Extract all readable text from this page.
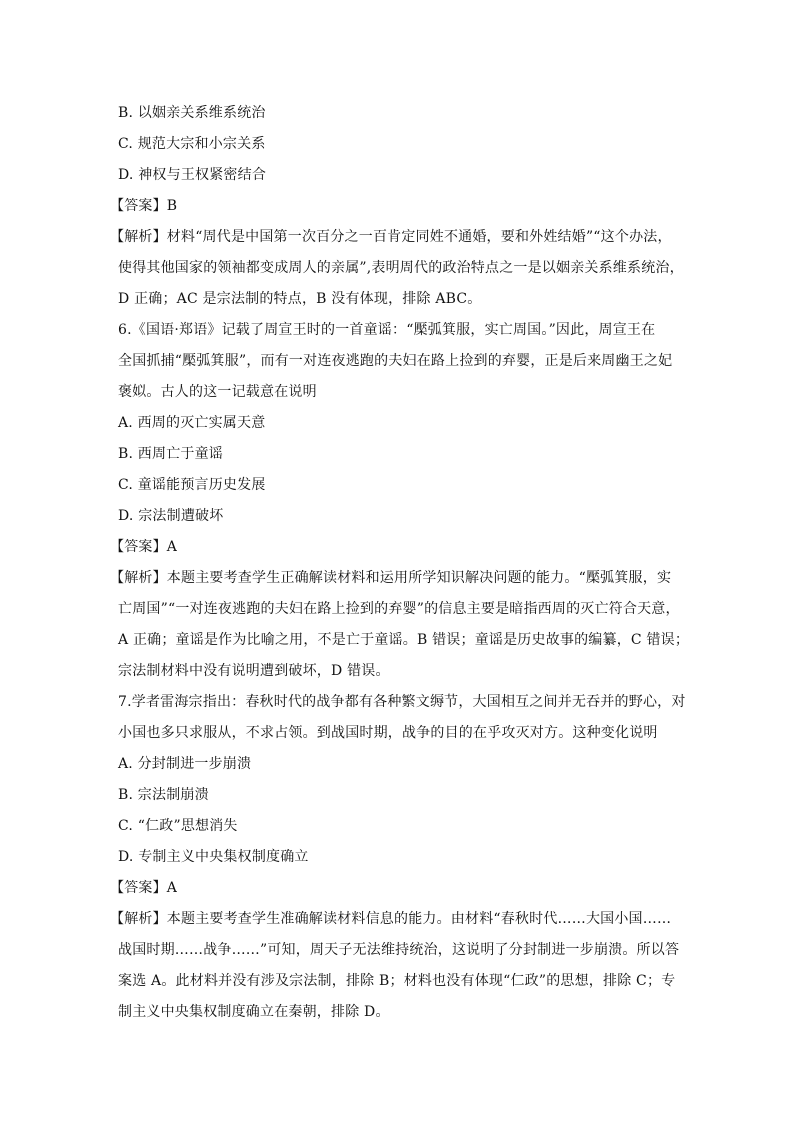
B. 以姻亲关系维系统治

C. 规范大宗和小宗关系

D. 神权与王权紧密结合

【答案】B

【解析】材料“周代是中国第一次百分之一百肯定同姓不通婚，要和外姓结婚”“这个办法，

使得其他国家的领袖都变成周人的亲属”,表明周代的政治特点之一是以姻亲关系维系统治，

D 正确；AC 是宗法制的特点，B 没有体现，排除 ABC。

6.《国语·郑语》记载了周宣王时的一首童谣：“檿弧箕服，实亡周国。”因此，周宣王在

全国抓捕“檿弧箕服”，而有一对连夜逃跑的夫妇在路上捡到的弃婴，正是后来周幽王之妃

褒姒。古人的这一记载意在说明

A. 西周的灭亡实属天意

B. 西周亡于童谣

C. 童谣能预言历史发展

D. 宗法制遭破坏

【答案】A

【解析】本题主要考查学生正确解读材料和运用所学知识解决问题的能力。“檿弧箕服，实

亡周国”“一对连夜逃跑的夫妇在路上捡到的弃婴”的信息主要是暗指西周的灭亡符合天意，

A 正确；童谣是作为比喻之用，不是亡于童谣。B 错误；童谣是历史故事的编纂，C 错误；

宗法制材料中没有说明遭到破坏，D 错误。

7.学者雷海宗指出：春秋时代的战争都有各种繁文缛节，大国相互之间并无吞并的野心，对

小国也多只求服从，不求占领。到战国时期，战争的目的在乎攻灭对方。这种变化说明

A. 分封制进一步崩溃

B. 宗法制崩溃

C. “仁政”思想消失

D. 专制主义中央集权制度确立

【答案】A

【解析】本题主要考查学生准确解读材料信息的能力。由材料“春秋时代……大国小国……

战国时期……战争……”可知，周天子无法维持统治，这说明了分封制进一步崩溃。所以答

案选 A。此材料并没有涉及宗法制，排除 B；材料也没有体现“仁政”的思想，排除 C；专

制主义中央集权制度确立在秦朝，排除 D。
